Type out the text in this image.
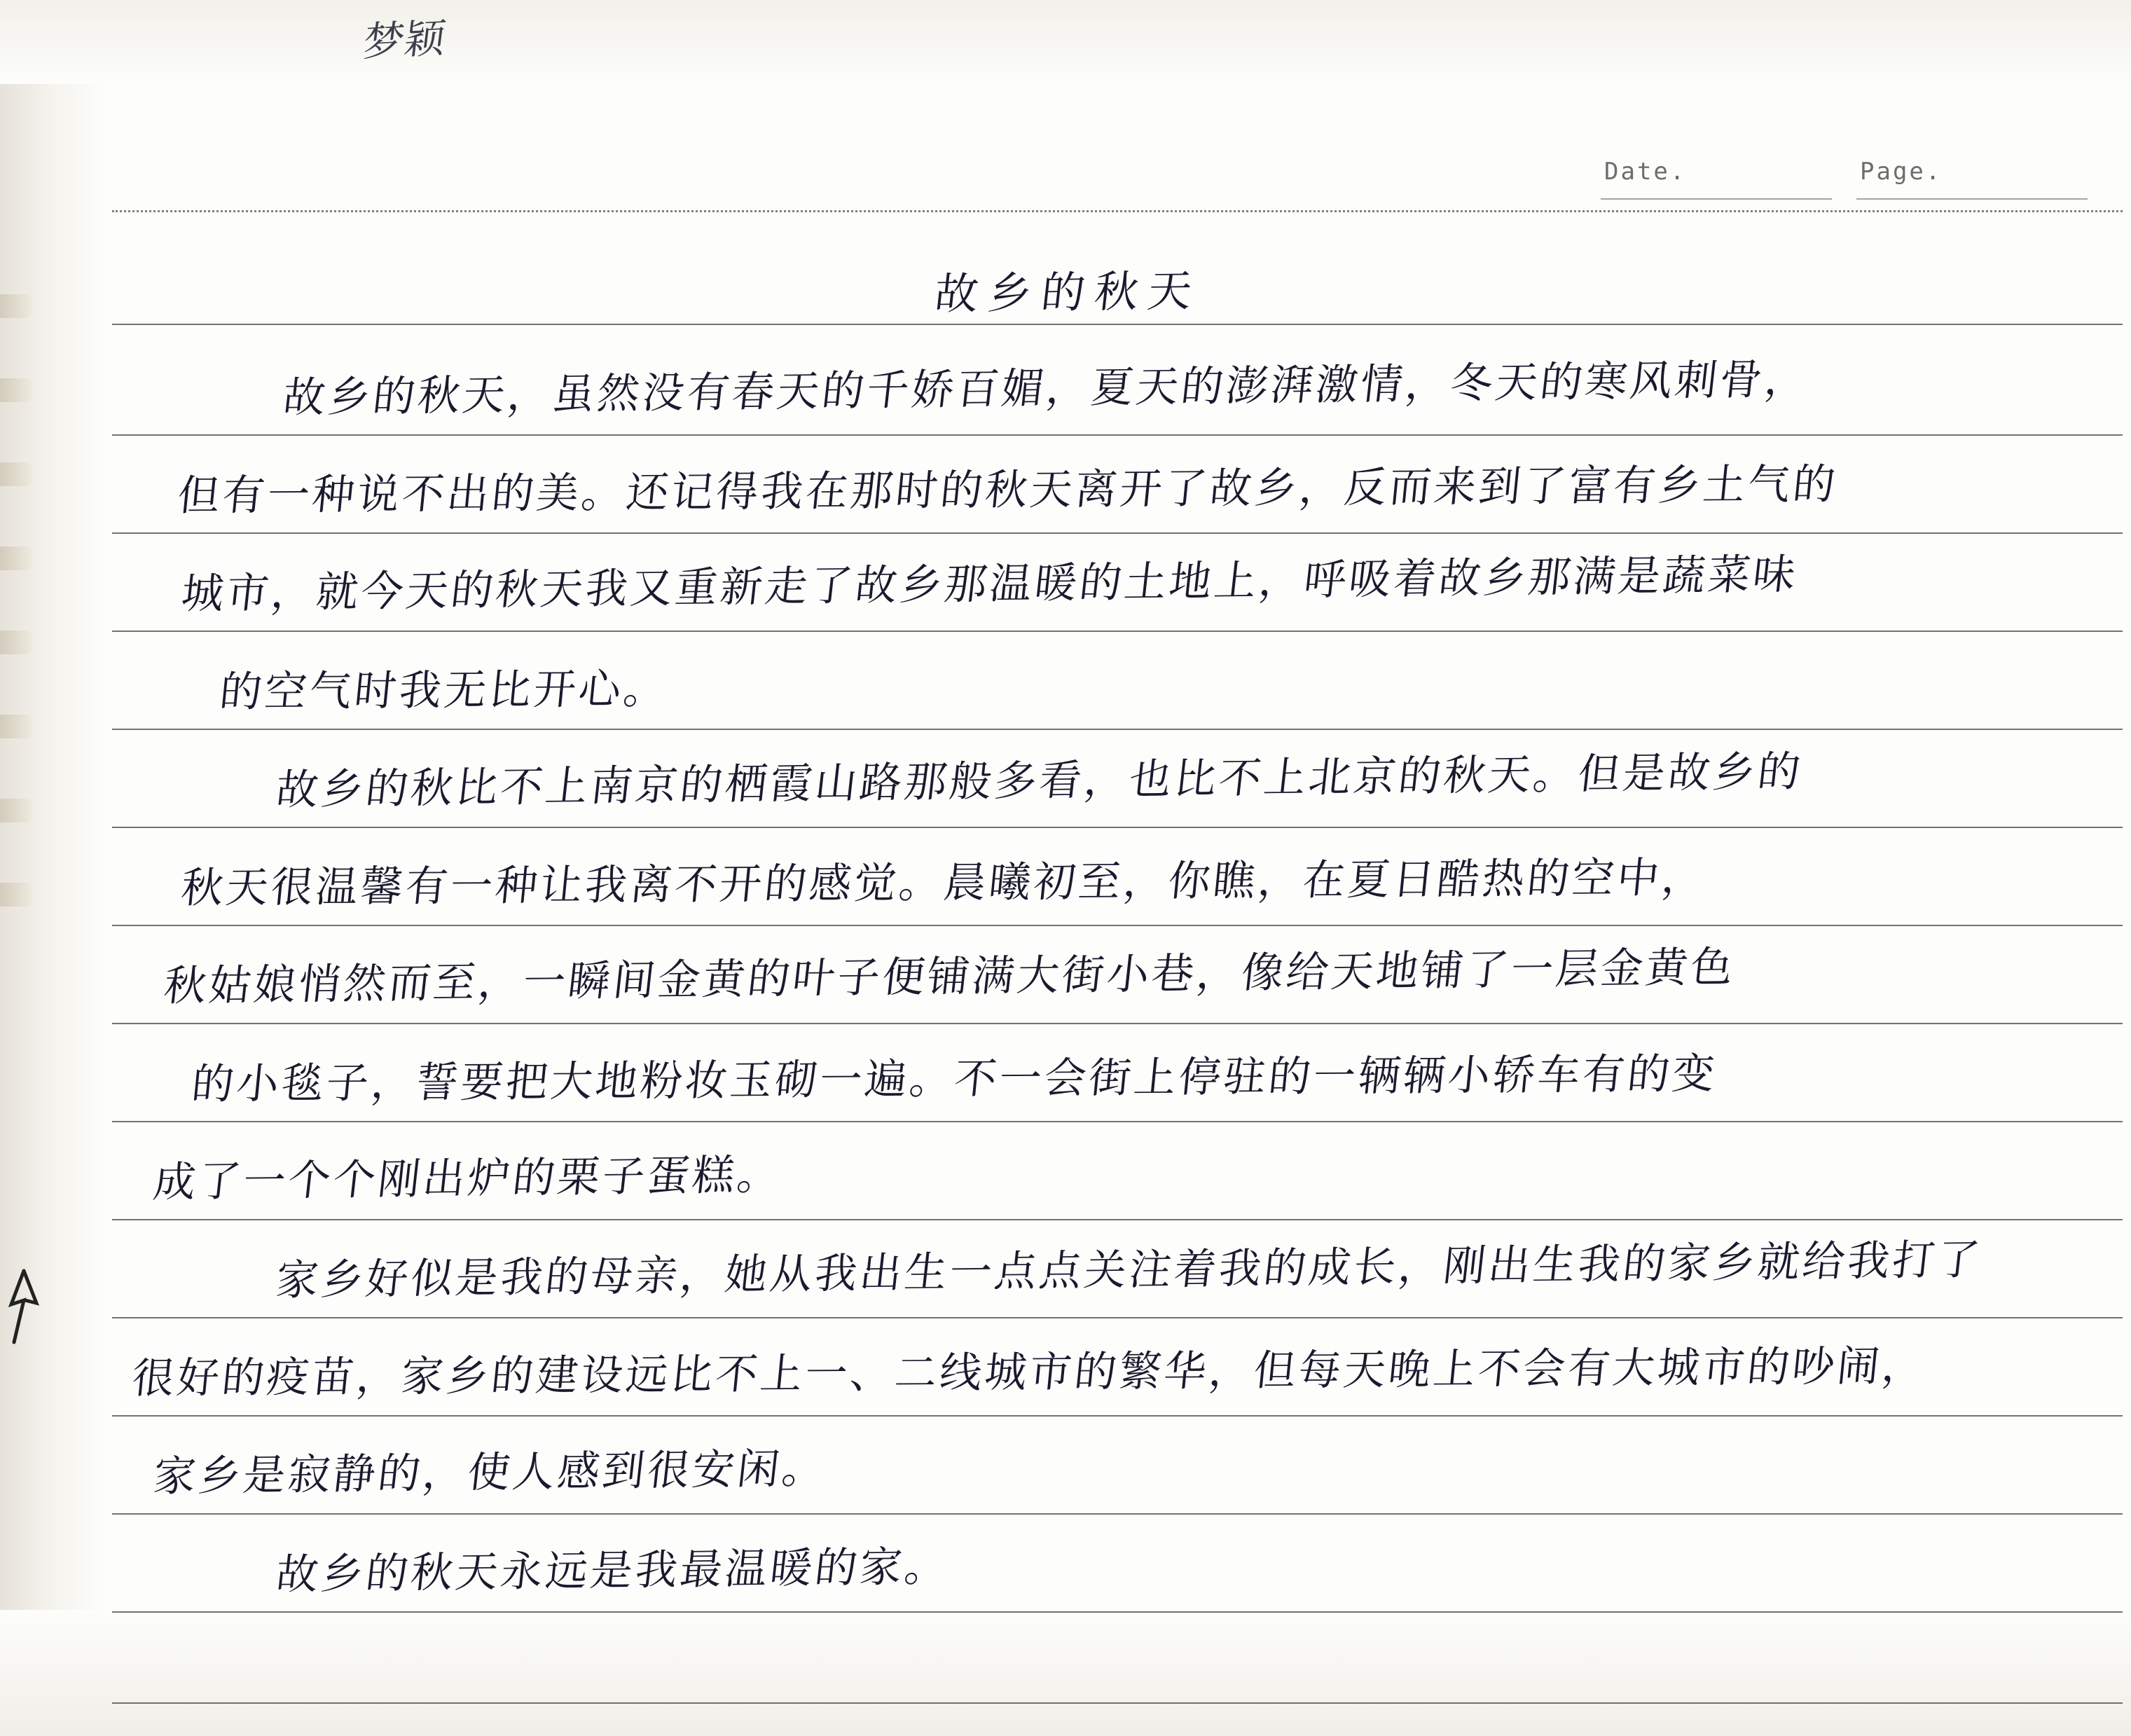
梦颖
Date.	Page.
故乡的秋天
故乡的秋天，虽然没有春天的千娇百媚，夏天的澎湃激情，冬天的寒风刺骨，
但有一种说不出的美。还记得我在那时的秋天离开了故乡，反而来到了富有乡土气的
城市，就今天的秋天我又重新走了故乡那温暖的土地上，呼吸着故乡那满是蔬菜味
的空气时我无比开心。
故乡的秋比不上南京的栖霞山路那般多看，也比不上北京的秋天。但是故乡的
秋天很温馨有一种让我离不开的感觉。晨曦初至，你瞧，在夏日酷热的空中，
秋姑娘悄然而至，一瞬间金黄的叶子便铺满大街小巷，像给天地铺了一层金黄色
的小毯子，誓要把大地粉妆玉砌一遍。不一会街上停驻的一辆辆小轿车有的变
成了一个个刚出炉的栗子蛋糕。
家乡好似是我的母亲，她从我出生一点点关注着我的成长，刚出生我的家乡就给我打了
很好的疫苗，家乡的建设远比不上一、二线城市的繁华，但每天晚上不会有大城市的吵闹，
家乡是寂静的，使人感到很安闲。
故乡的秋天永远是我最温暖的家。
